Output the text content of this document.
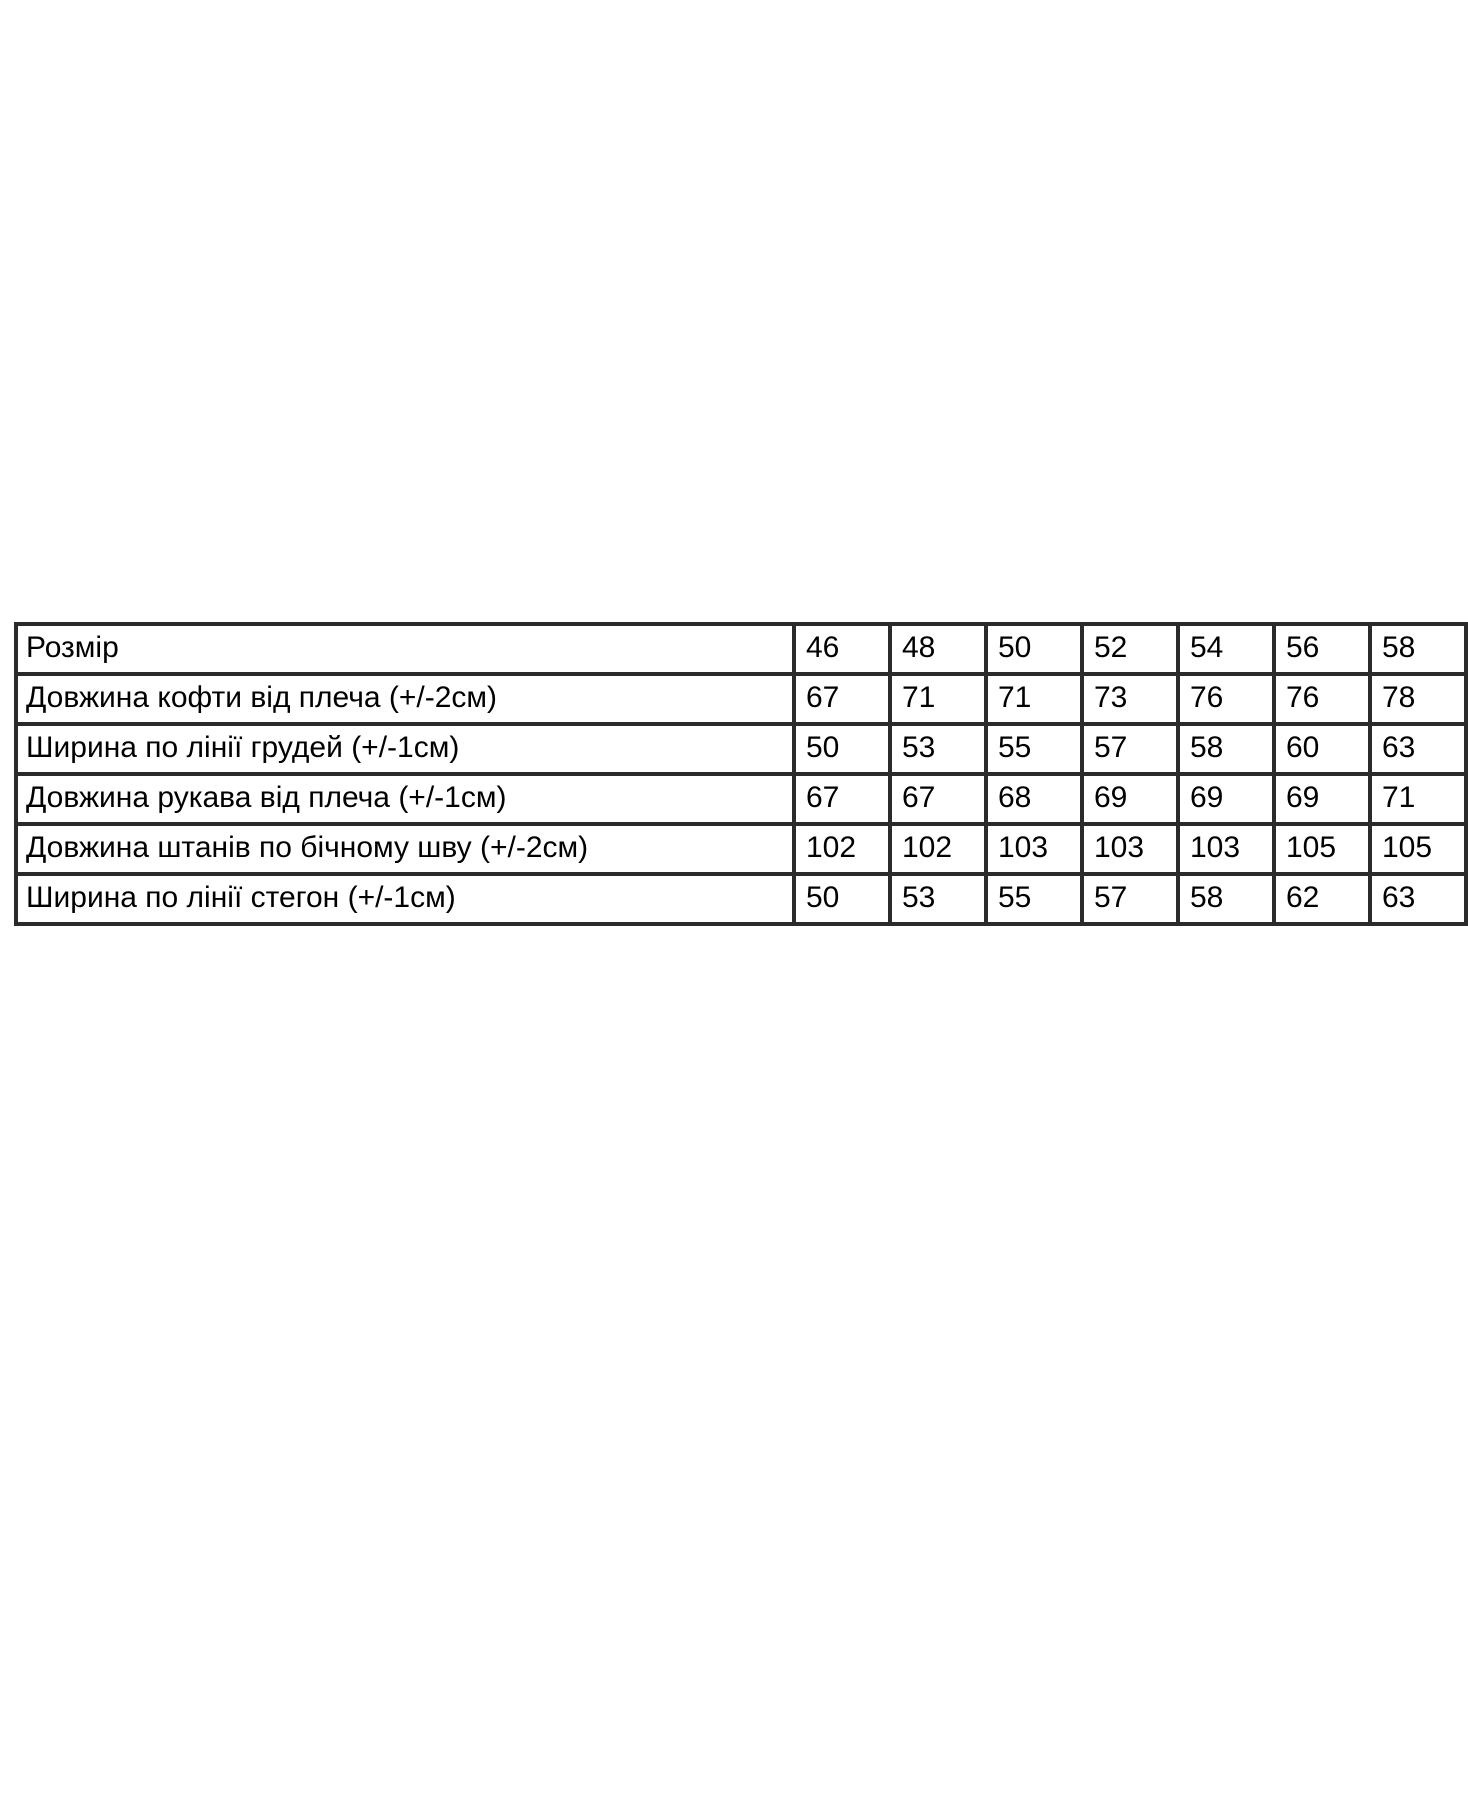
Розмір	46	48	50	52	54	56	58
Довжина кофти від плеча (+/-2см)	67	71	71	73	76	76	78
Ширина по лінії грудей (+/-1см)	50	53	55	57	58	60	63
Довжина рукава від плеча (+/-1см)	67	67	68	69	69	69	71
Довжина штанів по бічному шву (+/-2см)	102	102	103	103	103	105	105
Ширина по лінії стегон (+/-1см)	50	53	55	57	58	62	63
